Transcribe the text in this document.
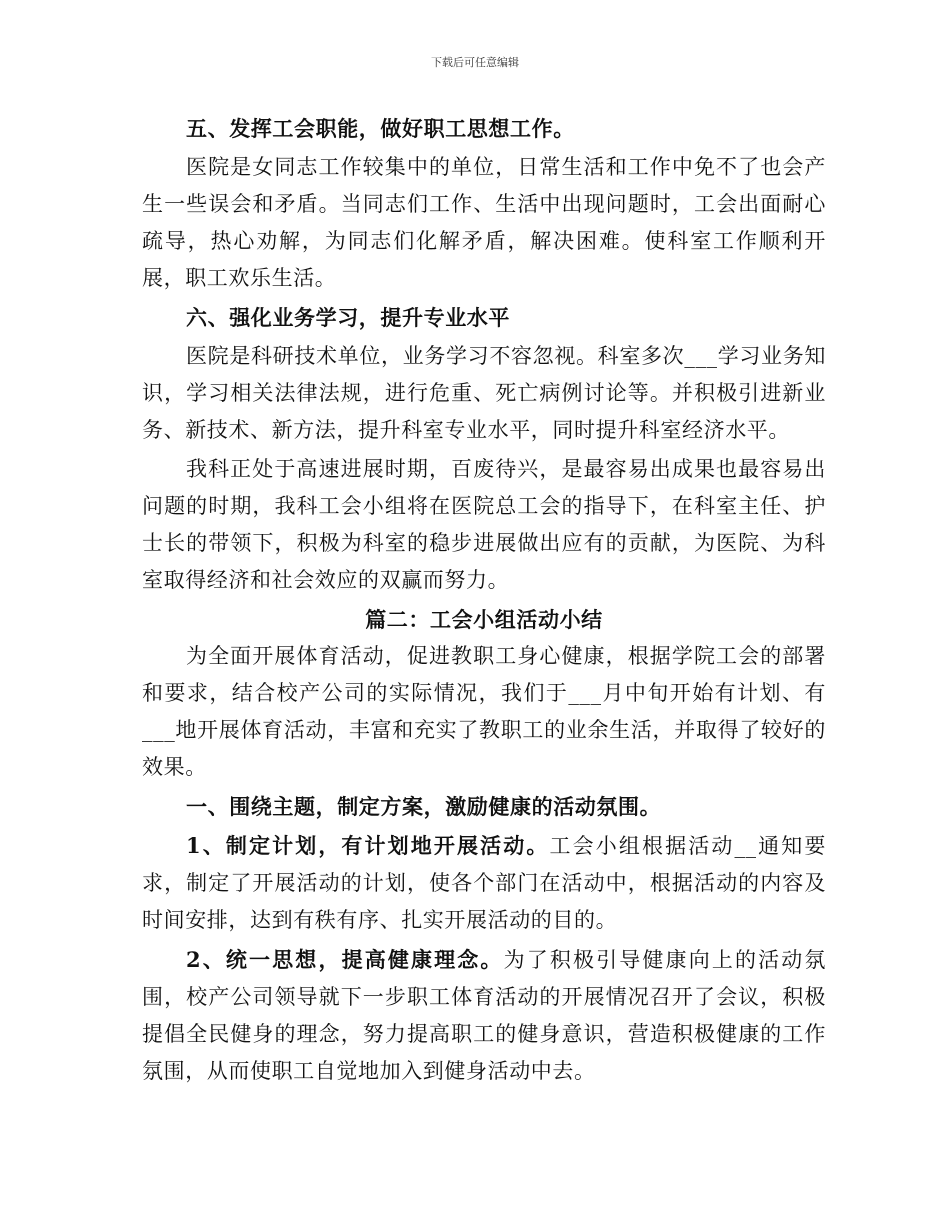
下载后可任意编辑

五、发挥工会职能，做好职工思想工作。

医院是女同志工作较集中的单位，日常生活和工作中免不了也会产生一些误会和矛盾。当同志们工作、生活中出现问题时，工会出面耐心疏导，热心劝解，为同志们化解矛盾，解决困难。使科室工作顺利开展，职工欢乐生活。

六、强化业务学习，提升专业水平

医院是科研技术单位，业务学习不容忽视。科室多次___学习业务知识，学习相关法律法规，进行危重、死亡病例讨论等。并积极引进新业务、新技术、新方法，提升科室专业水平，同时提升科室经济水平。

我科正处于高速进展时期，百废待兴，是最容易出成果也最容易出问题的时期，我科工会小组将在医院总工会的指导下，在科室主任、护士长的带领下，积极为科室的稳步进展做出应有的贡献，为医院、为科室取得经济和社会效应的双赢而努力。

篇二：工会小组活动小结

为全面开展体育活动，促进教职工身心健康，根据学院工会的部署和要求，结合校产公司的实际情况，我们于___月中旬开始有计划、有___地开展体育活动，丰富和充实了教职工的业余生活，并取得了较好的效果。

一、围绕主题，制定方案，激励健康的活动氛围。

1、制定计划，有计划地开展活动。工会小组根据活动__通知要求，制定了开展活动的计划，使各个部门在活动中，根据活动的内容及时间安排，达到有秩有序、扎实开展活动的目的。

2、统一思想，提高健康理念。为了积极引导健康向上的活动氛围，校产公司领导就下一步职工体育活动的开展情况召开了会议，积极提倡全民健身的理念，努力提高职工的健身意识，营造积极健康的工作氛围，从而使职工自觉地加入到健身活动中去。
